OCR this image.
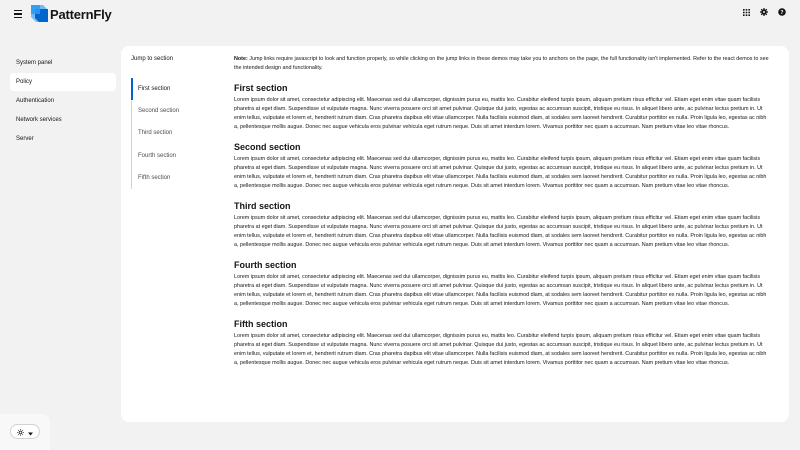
PatternFly	?
System panel
Policy
Authentication
Network services
Server
Jump to section
First section
Second section
Third section
Fourth section
Fifth section

Note: Jump links require javascript to look and function properly, so while clicking on the jump links in these demos may take you to anchors on the page, the full functionality isn't implemented. Refer to the react demos to see the intended design and functionality.

First section

Lorem ipsum dolor sit amet, consectetur adipiscing elit. Maecenas sed dui ullamcorper, dignissim purus eu, mattis leo. Curabitur eleifend turpis ipsum, aliquam pretium risus efficitur vel. Etiam eget enim vitae quam facilisis pharetra at eget diam. Suspendisse ut vulputate magna. Nunc viverra posuere orci sit amet pulvinar. Quisque dui justo, egestas ac accumsan suscipit, tristique eu risus. In aliquet libero ante, ac pulvinar lectus pretium in. Ut enim tellus, vulputate et lorem et, hendrerit rutrum diam. Cras pharetra dapibus elit vitae ullamcorper. Nulla facilisis euismod diam, at sodales sem laoreet hendrerit. Curabitur porttitor ex nulla. Proin ligula leo, egestas ac nibh a, pellentesque mollis augue. Donec nec augue vehicula eros pulvinar vehicula eget rutrum neque. Duis sit amet interdum lorem. Vivamus porttitor nec quam a accumsan. Nam pretium vitae leo vitae rhoncus.

Second section

Lorem ipsum dolor sit amet, consectetur adipiscing elit. Maecenas sed dui ullamcorper, dignissim purus eu, mattis leo. Curabitur eleifend turpis ipsum, aliquam pretium risus efficitur vel. Etiam eget enim vitae quam facilisis pharetra at eget diam. Suspendisse ut vulputate magna. Nunc viverra posuere orci sit amet pulvinar. Quisque dui justo, egestas ac accumsan suscipit, tristique eu risus. In aliquet libero ante, ac pulvinar lectus pretium in. Ut enim tellus, vulputate et lorem et, hendrerit rutrum diam. Cras pharetra dapibus elit vitae ullamcorper. Nulla facilisis euismod diam, at sodales sem laoreet hendrerit. Curabitur porttitor ex nulla. Proin ligula leo, egestas ac nibh a, pellentesque mollis augue. Donec nec augue vehicula eros pulvinar vehicula eget rutrum neque. Duis sit amet interdum lorem. Vivamus porttitor nec quam a accumsan. Nam pretium vitae leo vitae rhoncus.

Third section

Lorem ipsum dolor sit amet, consectetur adipiscing elit. Maecenas sed dui ullamcorper, dignissim purus eu, mattis leo. Curabitur eleifend turpis ipsum, aliquam pretium risus efficitur vel. Etiam eget enim vitae quam facilisis pharetra at eget diam. Suspendisse ut vulputate magna. Nunc viverra posuere orci sit amet pulvinar. Quisque dui justo, egestas ac accumsan suscipit, tristique eu risus. In aliquet libero ante, ac pulvinar lectus pretium in. Ut enim tellus, vulputate et lorem et, hendrerit rutrum diam. Cras pharetra dapibus elit vitae ullamcorper. Nulla facilisis euismod diam, at sodales sem laoreet hendrerit. Curabitur porttitor ex nulla. Proin ligula leo, egestas ac nibh a, pellentesque mollis augue. Donec nec augue vehicula eros pulvinar vehicula eget rutrum neque. Duis sit amet interdum lorem. Vivamus porttitor nec quam a accumsan. Nam pretium vitae leo vitae rhoncus.

Fourth section

Lorem ipsum dolor sit amet, consectetur adipiscing elit. Maecenas sed dui ullamcorper, dignissim purus eu, mattis leo. Curabitur eleifend turpis ipsum, aliquam pretium risus efficitur vel. Etiam eget enim vitae quam facilisis pharetra at eget diam. Suspendisse ut vulputate magna. Nunc viverra posuere orci sit amet pulvinar. Quisque dui justo, egestas ac accumsan suscipit, tristique eu risus. In aliquet libero ante, ac pulvinar lectus pretium in. Ut enim tellus, vulputate et lorem et, hendrerit rutrum diam. Cras pharetra dapibus elit vitae ullamcorper. Nulla facilisis euismod diam, at sodales sem laoreet hendrerit. Curabitur porttitor ex nulla. Proin ligula leo, egestas ac nibh a, pellentesque mollis augue. Donec nec augue vehicula eros pulvinar vehicula eget rutrum neque. Duis sit amet interdum lorem. Vivamus porttitor nec quam a accumsan. Nam pretium vitae leo vitae rhoncus.

Fifth section

Lorem ipsum dolor sit amet, consectetur adipiscing elit. Maecenas sed dui ullamcorper, dignissim purus eu, mattis leo. Curabitur eleifend turpis ipsum, aliquam pretium risus efficitur vel. Etiam eget enim vitae quam facilisis pharetra at eget diam. Suspendisse ut vulputate magna. Nunc viverra posuere orci sit amet pulvinar. Quisque dui justo, egestas ac accumsan suscipit, tristique eu risus. In aliquet libero ante, ac pulvinar lectus pretium in. Ut enim tellus, vulputate et lorem et, hendrerit rutrum diam. Cras pharetra dapibus elit vitae ullamcorper. Nulla facilisis euismod diam, at sodales sem laoreet hendrerit. Curabitur porttitor ex nulla. Proin ligula leo, egestas ac nibh a, pellentesque mollis augue. Donec nec augue vehicula eros pulvinar vehicula eget rutrum neque. Duis sit amet interdum lorem. Vivamus porttitor nec quam a accumsan. Nam pretium vitae leo vitae rhoncus.
